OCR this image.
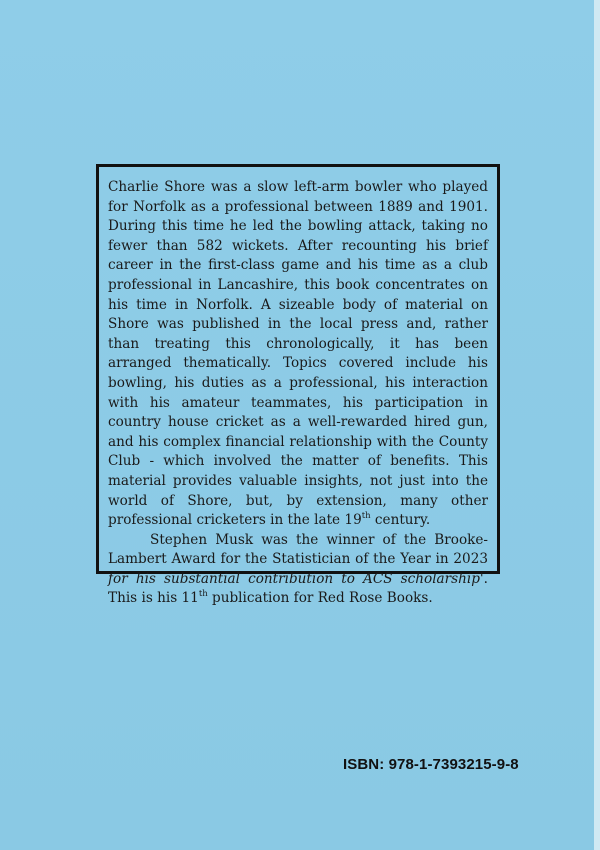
Charlie Shore was a slow left-arm bowler who played for Norfolk as a professional between 1889 and 1901. During this time he led the bowling attack, taking no fewer than 582 wickets. After recounting his brief career in the first-class game and his time as a club professional in Lancashire, this book concentrates on his time in Norfolk. A sizeable body of material on Shore was published in the local press and, rather than treating this chronologically, it has been arranged thematically. Topics covered include his bowling, his duties as a professional, his interaction with his amateur teammates, his participation in country house cricket as a well-rewarded hired gun, and his complex financial relationship with the County Club - which involved the matter of benefits. This material provides valuable insights, not just into the world of Shore, but, by extension, many other professional cricketers in the late 19th century.

Stephen Musk was the winner of the Brooke-Lambert Award for the Statistician of the Year in 2023 for his substantial contribution to ACS scholarship'. This is his 11th publication for Red Rose Books.

ISBN: 978-1-7393215-9-8
